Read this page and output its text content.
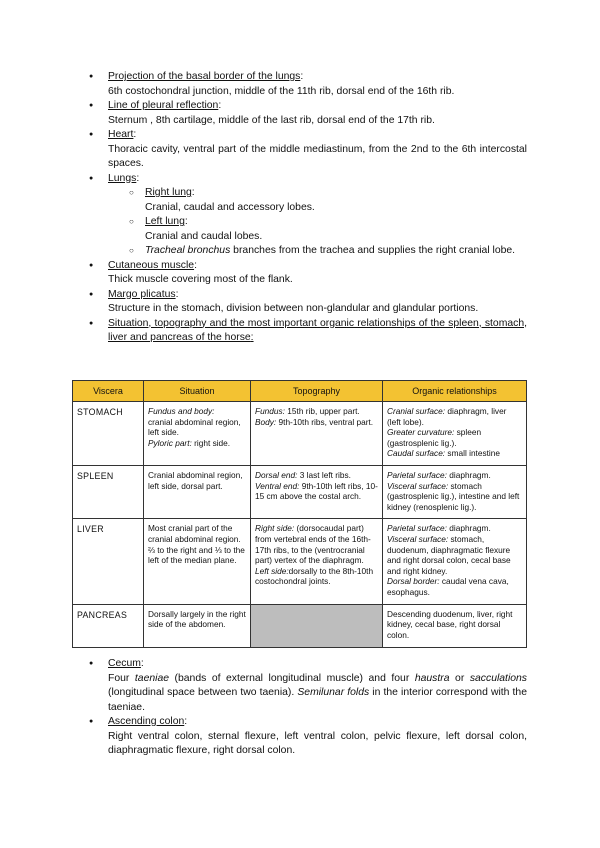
● Projection of the basal border of the lungs:
6th costochondral junction, middle of the 11th rib, dorsal end of the 16th rib.
● Line of pleural reflection:
Sternum , 8th cartilage, middle of the last rib, dorsal end of the 17th rib.
● Heart:
Thoracic cavity, ventral part of the middle mediastinum, from the 2nd to the 6th intercostal spaces.
● Lungs:
○ Right lung:
Cranial, caudal and accessory lobes.
○ Left lung:
Cranial and caudal lobes.
○ Tracheal bronchus branches from the trachea and supplies the right cranial lobe.
● Cutaneous muscle:
Thick muscle covering most of the flank.
● Margo plicatus:
Structure in the stomach, division between non-glandular and glandular portions.
● Situation, topography and the most important organic relationships of the spleen, stomach, liver and pancreas of the horse:
Viscera	Situation	Topography	Organic relationships
STOMACH	Fundus and body:
cranial abdominal region, left side.
Pyloric part: right side.	Fundus: 15th rib, upper part.
Body: 9th-10th ribs, ventral part.	Cranial surface: diaphragm, liver (left lobe).
Greater curvature: spleen (gastrosplenic lig.).
Caudal surface: small intestine
SPLEEN	Cranial abdominal region, left side, dorsal part.	Dorsal end: 3 last left ribs.
Ventral end: 9th-10th left ribs, 10-15 cm above the costal arch.	Parietal surface: diaphragm.
Visceral surface: stomach (gastrosplenic lig.), intestine and left kidney (renosplenic lig.).
LIVER	Most cranial part of the cranial abdominal region. ⅔ to the right and ⅓ to the left of the median plane.	Right side: (dorsocaudal part) from vertebral ends of the 16th-17th ribs, to the (ventrocranial part) vertex of the diaphragm.
Left side:dorsally to the 8th-10th costochondral joints.	Parietal surface: diaphragm.
Visceral surface: stomach, duodenum, diaphragmatic flexure and right dorsal colon, cecal base and right kidney.
Dorsal border: caudal vena cava, esophagus.
PANCREAS	Dorsally largely in the right side of the abdomen.		Descending duodenum, liver, right kidney, cecal base, right dorsal colon.
● Cecum:
Four taeniae (bands of external longitudinal muscle) and four haustra or sacculations (longitudinal space between two taenia). Semilunar folds in the interior correspond with the taeniae.
● Ascending colon:
Right ventral colon, sternal flexure, left ventral colon, pelvic flexure, left dorsal colon, diaphragmatic flexure, right dorsal colon.
